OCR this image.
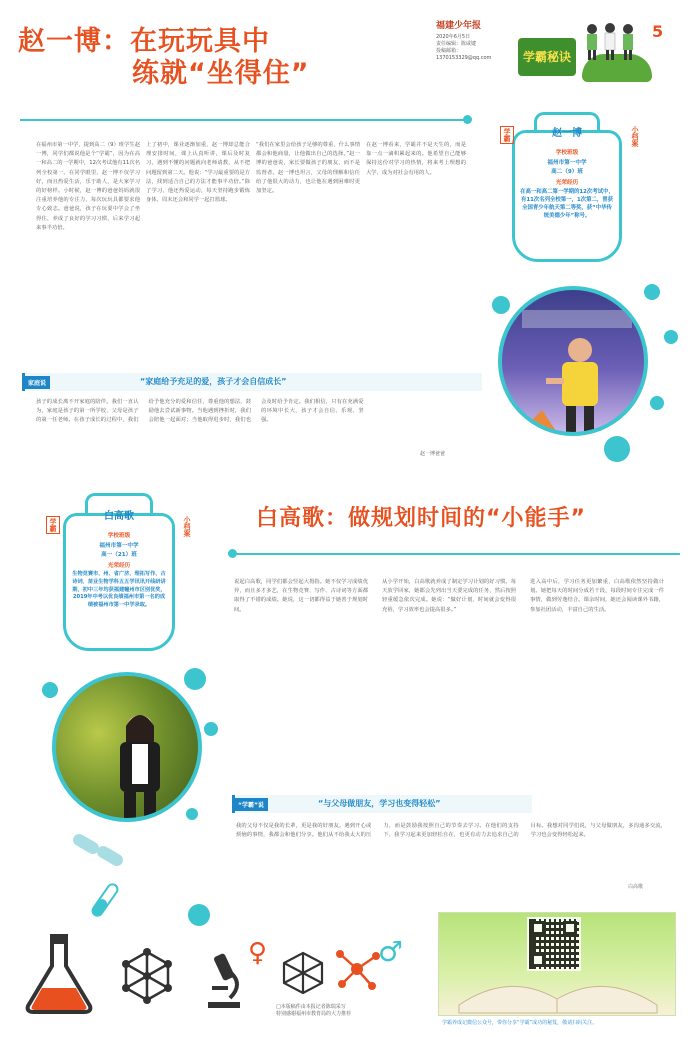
赵一博：在玩玩具中
练就“坐得住”
福建少年报
2020年6月5日
责任编辑：陈咸键
投稿邮箱：
1370153329@qq.com	学霸秘诀
5
在福州市第一中学，提到高二（9）班学生赵一博，同学们都说他是个“学霸”，因为在高一和高二的一学期中，12次考试他有11次名列全校第一。在同学眼里，赵一博不仅学习好，而且热爱生活，乐于助人，是大家学习的好榜样。小时候，赵一博的爸爸妈妈就很注重培养他的专注力，每次玩玩具都要求他专心致志。爸爸说，孩子在玩耍中学会了坐得住，养成了良好的学习习惯，后来学习起来事半功倍。
上了初中，课业逐渐加重，赵一博却总能合理安排时间，课上认真听讲，课后及时复习，遇到不懂的问题就向老师请教，从不把问题留到第二天。他说：“学习最重要的是方法，找到适合自己的方法才能事半功倍。”除了学习，他还热爱运动，每天坚持跑步锻炼身体，周末还会和同学一起打篮球。
“我们在家里会给孩子足够的尊重，什么事情都会和他商量，让他做出自己的选择。”赵一博的爸爸说，家长要做孩子的朋友，而不是监督者。赵一博也坦言，父母的理解和信任给了他很大的动力，也让他在遇到困难时更加坚定。
在赵一博看来，学霸并不是天生的，而是靠一点一滴积累起来的。他希望自己能够保持这份对学习的热情，将来考上理想的大学，成为对社会有用的人。
赵一博
学校班级
福州市第一中学
高二（9）班
光荣经历
在高一和高二第一学期的12次考试中，有11次名列全校第一，1次第二，曾获全国青少年航天第二等奖，获“中华传统美德少年”称号。
学霸	小档案
家庭说	“家庭给予充足的爱，孩子才会自信成长”
孩子的成长离不开家庭的陪伴。我们一直认为，家庭是孩子的第一所学校，父母是孩子的第一任老师。在孩子成长的过程中，我们给予他充分的爱和信任，尊重他的想法，鼓励他去尝试新事物。当他遇到挫折时，我们会陪他一起面对；当他取得进步时，我们也会及时给予肯定。我们相信，只有在充满爱的环境中长大，孩子才会自信、乐观、坚强。
赵一博爸爸
白高歌
学校班级
福州市第一中学
高一（21）班
光荣经历
生物竞赛市、州、省广济、理拓写作、古诗词、苗业生物学科五五学讯讯开线研讲期，初中三年均获福建幢州市区别优奖，2019年中考以优良绩福州市第一名的成绩被福州市第一中学录取。
学霸	小档案	白高歌：做规划时间的“小能手”
说起白高歌，同学们都会竖起大拇指。她不仅学习成绩优异，而且多才多艺，在生物竞赛、写作、古诗词等方面都取得了不错的成绩。她说，这一切都得益于她善于规划时间。
从小学开始，白高歌就养成了制定学习计划的好习惯。每天放学回家，她都会先列出当天要完成的任务，然后按照轻重缓急依次完成。她说：“做好计划，时间就会变得很充裕，学习效率也会提高很多。”
进入高中后，学习任务更加繁重，白高歌依然坚持做计划。她把每天的时间分成若干段，每段时间专注完成一件事情，做到劳逸结合。课余时间，她还会阅读课外书籍，参加社团活动，丰富自己的生活。
“学霸”说	“与父母做朋友，学习也变得轻松”
我的父母不仅是我的长辈，更是我的好朋友。遇到开心或烦恼的事情，我都会和他们分享。他们从不给我太大的压力，而是鼓励我按照自己的节奏去学习。在他们的支持下，我学习起来更加轻松自在，也更有动力去追求自己的目标。我想对同学们说，与父母做朋友，多沟通多交流，学习也会变得轻松起来。
白高歌
♀	♂
□本版稿件由本报记者陈瑞采写
特别感谢福州市教育局的大力推荐
学霸养成记微信公众号，带你分享“学霸”成功的秘笈，敬请扫码关注。
